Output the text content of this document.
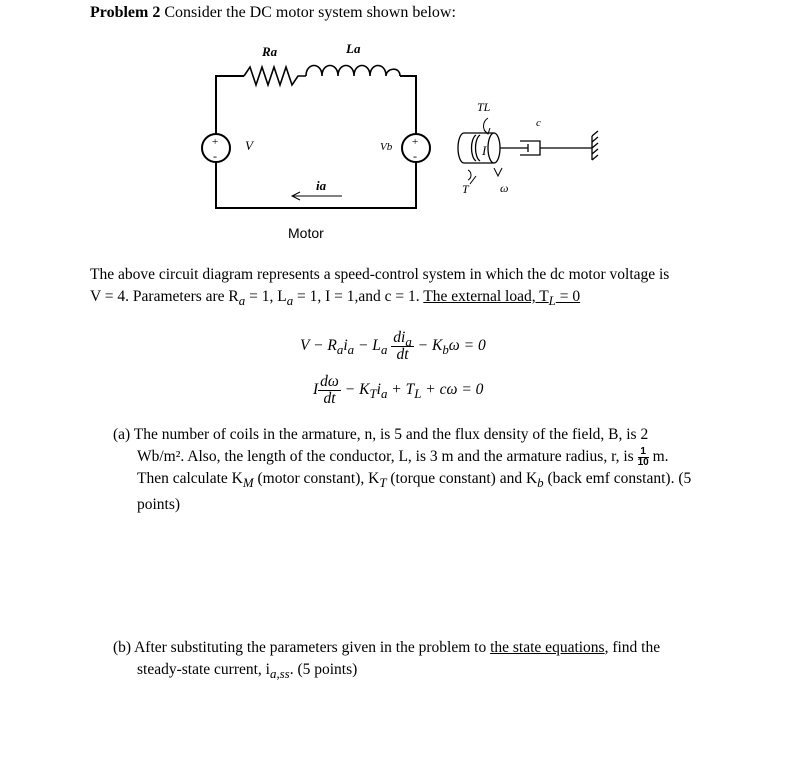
Problem 2 Consider the DC motor system shown below:
+
-
+
-
Ra	La
V	Vb
ia
Motor
I
TL
c
T	ω
The above circuit diagram represents a speed-control system in which the dc motor voltage is
V = 4. Parameters are $R_a = 1$, $L_a = 1$, I = 1,and c = 1. The external load, $T_L = 0$
$V - R_ai_a - L_a \frac{di_a}{dt} - K_b\omega = 0$
I $\frac{d\omega}{dt} - K_Ti_a + T_L + c\omega = 0$
(a) The number of coils in the armature, n, is 5 and the flux density of the field, B, is 2
Wb/m². Also, the length of the conductor, L, is 3 m and the armature radius, r, is $\frac{1}{10} m$.
Then calculate $K_M$ (motor constant), $K_T$ (torque constant) and $K_b$ (back emf constant). (5
points)
(b) After substituting the parameters given in the problem to the state equations, find the
steady-state current, $i_{a,ss}$. (5 points)
